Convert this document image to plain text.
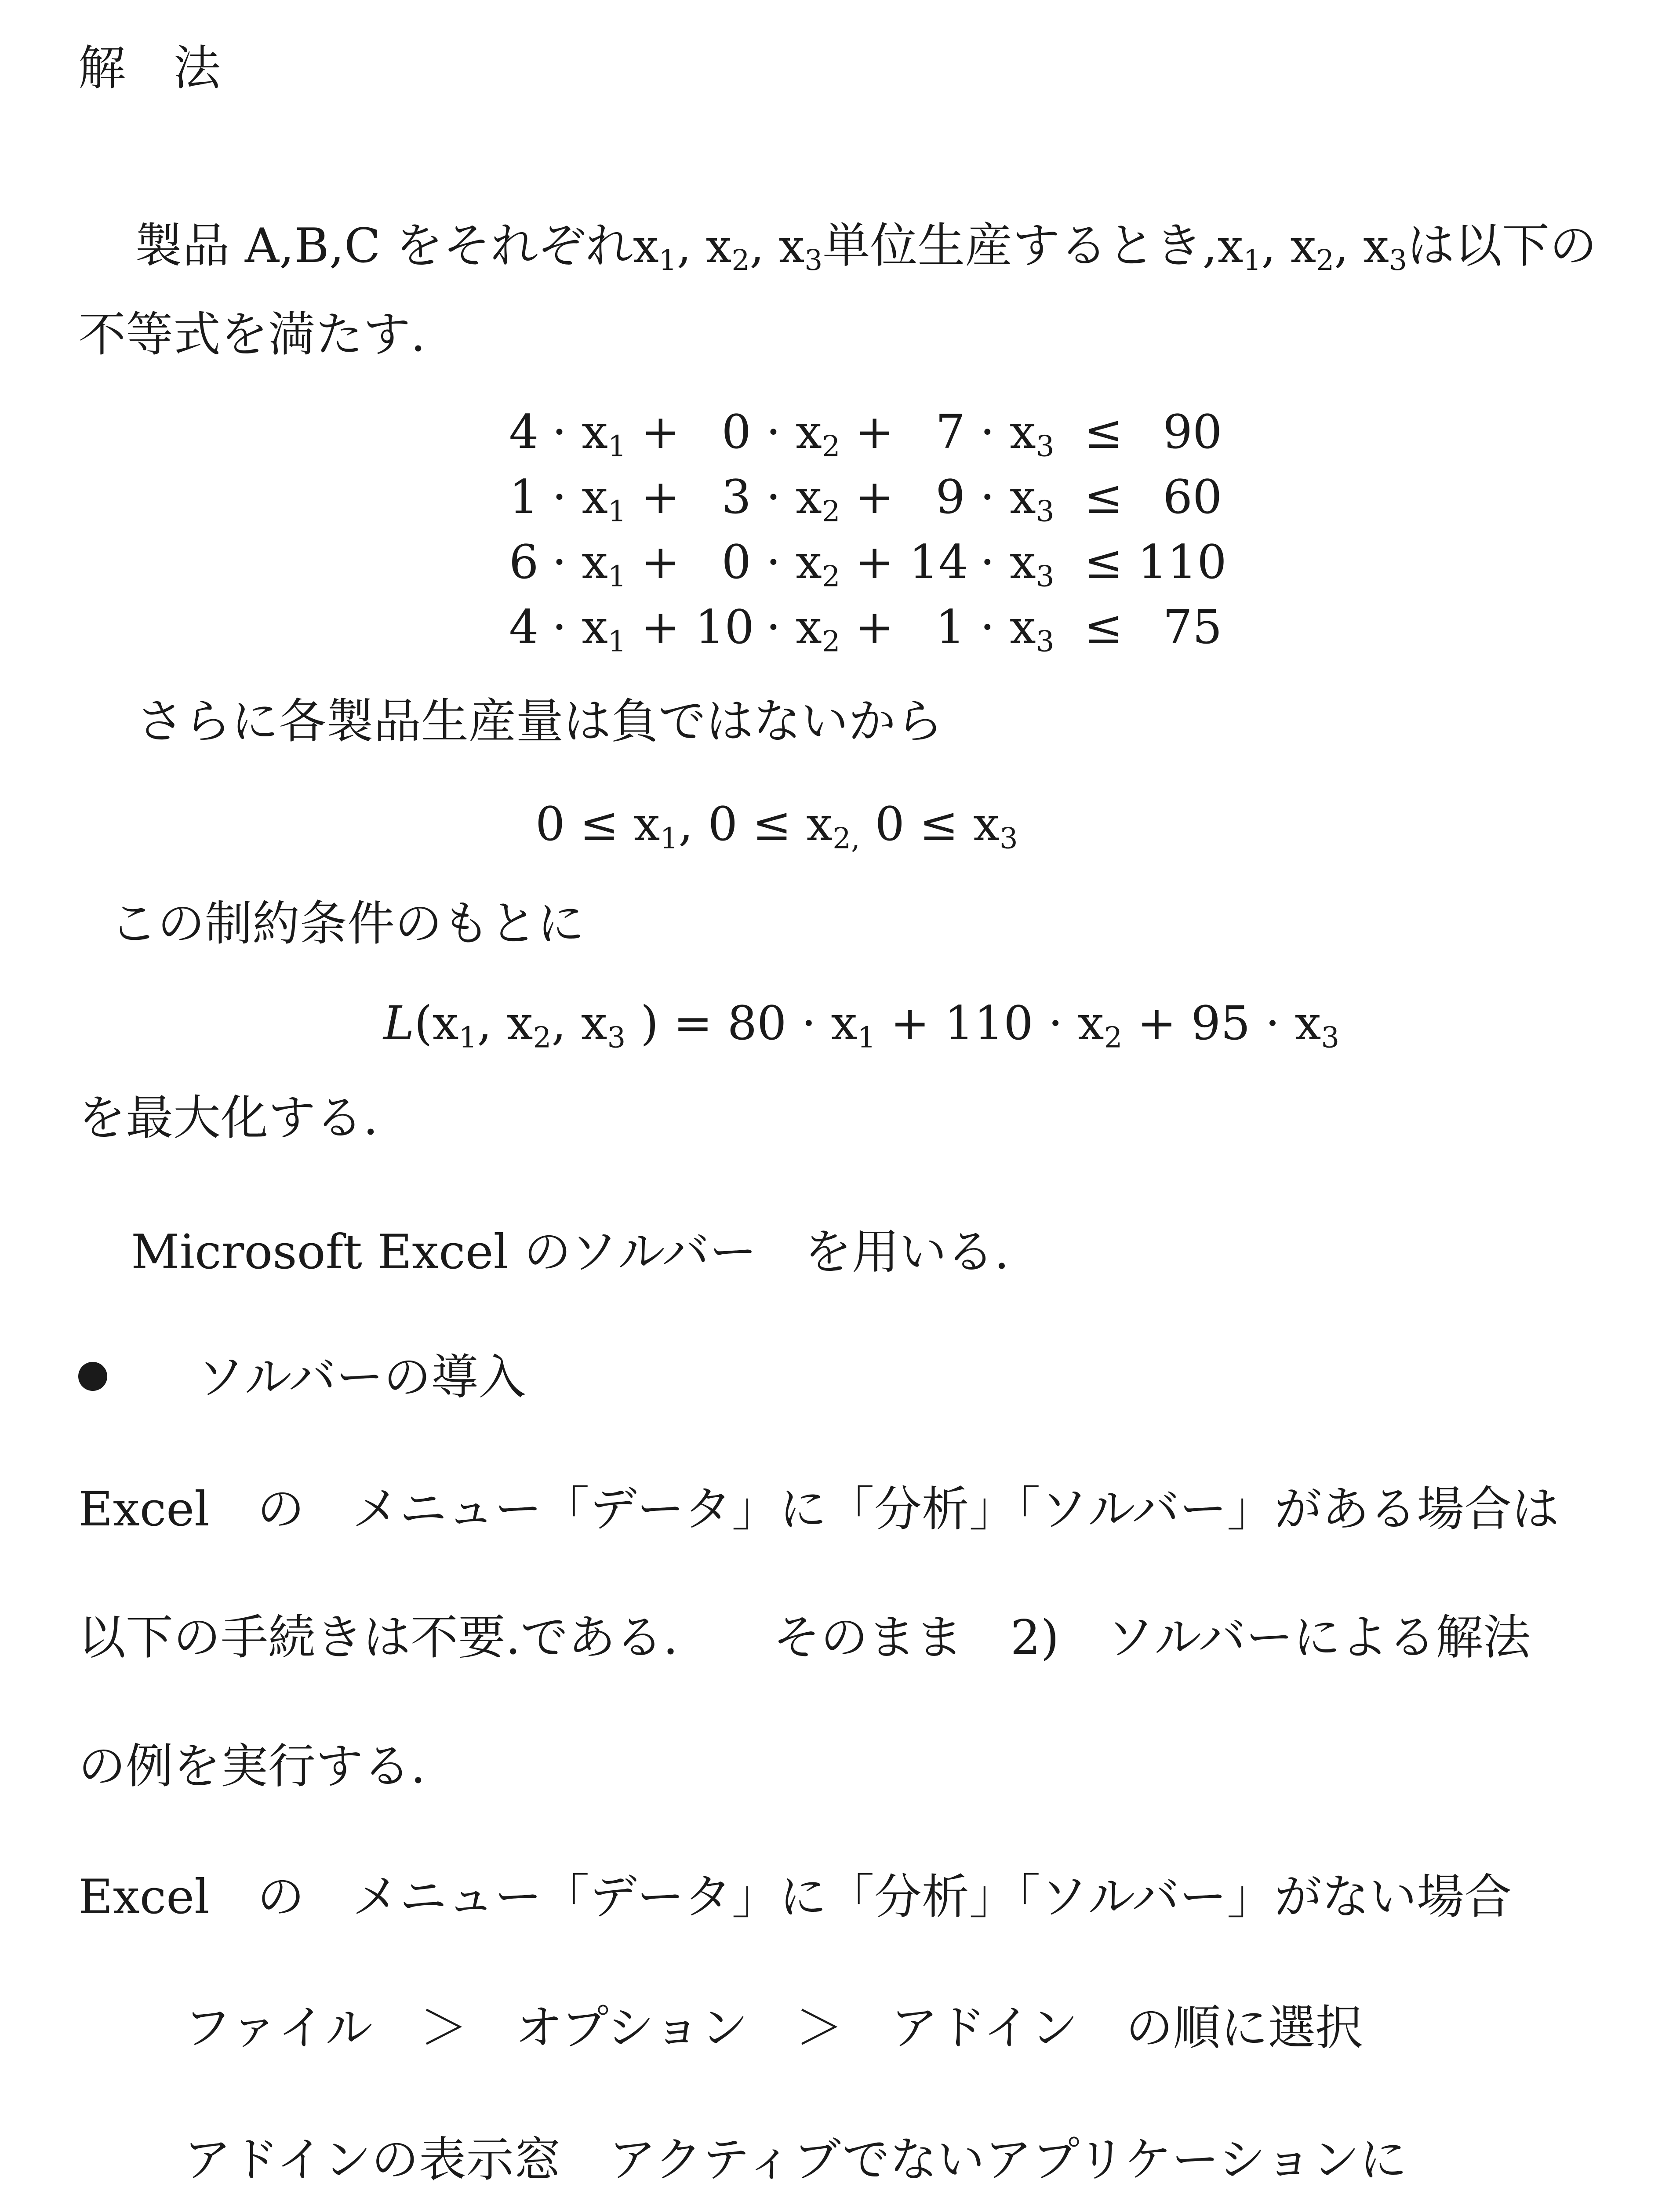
解　法

製品 A,B,C をそれぞれ$x_1$, $x_2$, $x_3$単位生産するとき$,x_1$, $x_2$, $x_3$は以下の

不等式を満たす.
$4 \cdot x_1 + 0 \cdot x_2 + 7 \cdot x_3 \le 90$
$1 \cdot x_1 + 3 \cdot x_2 + 9 \cdot x_3 \le 60$
$6 \cdot x_1 + 0 \cdot x_2 + 14 \cdot x_3 \le 110$
$4 \cdot x_1 + 10 \cdot x_2 + 1 \cdot x_3 \le 75$
さらに各製品生産量は負ではないから
$0 \le x_1$, $0 \le x_{2,}$ $0 \le x_3$
この制約条件のもとに
$L(x_1$, $x_2$, $x_3$ ) = $80 \cdot x_1 + 110 \cdot x_2 + 95 \cdot x_3$
を最大化する.
Microsoft Excel のソルバー　を用いる.
ソルバーの導入
Excel　の　メニュー「データ」に「分析」「ソルバー」がある場合は
以下の手続きは不要.である.　　そのまま　2)　ソルバーによる解法
の例を実行する.
Excel　の　メニュー「データ」に「分析」「ソルバー」がない場合
ファイル　＞　オプション　＞　アドイン　の順に選択
アドインの表示窓　アクティブでないアプリケーションに
